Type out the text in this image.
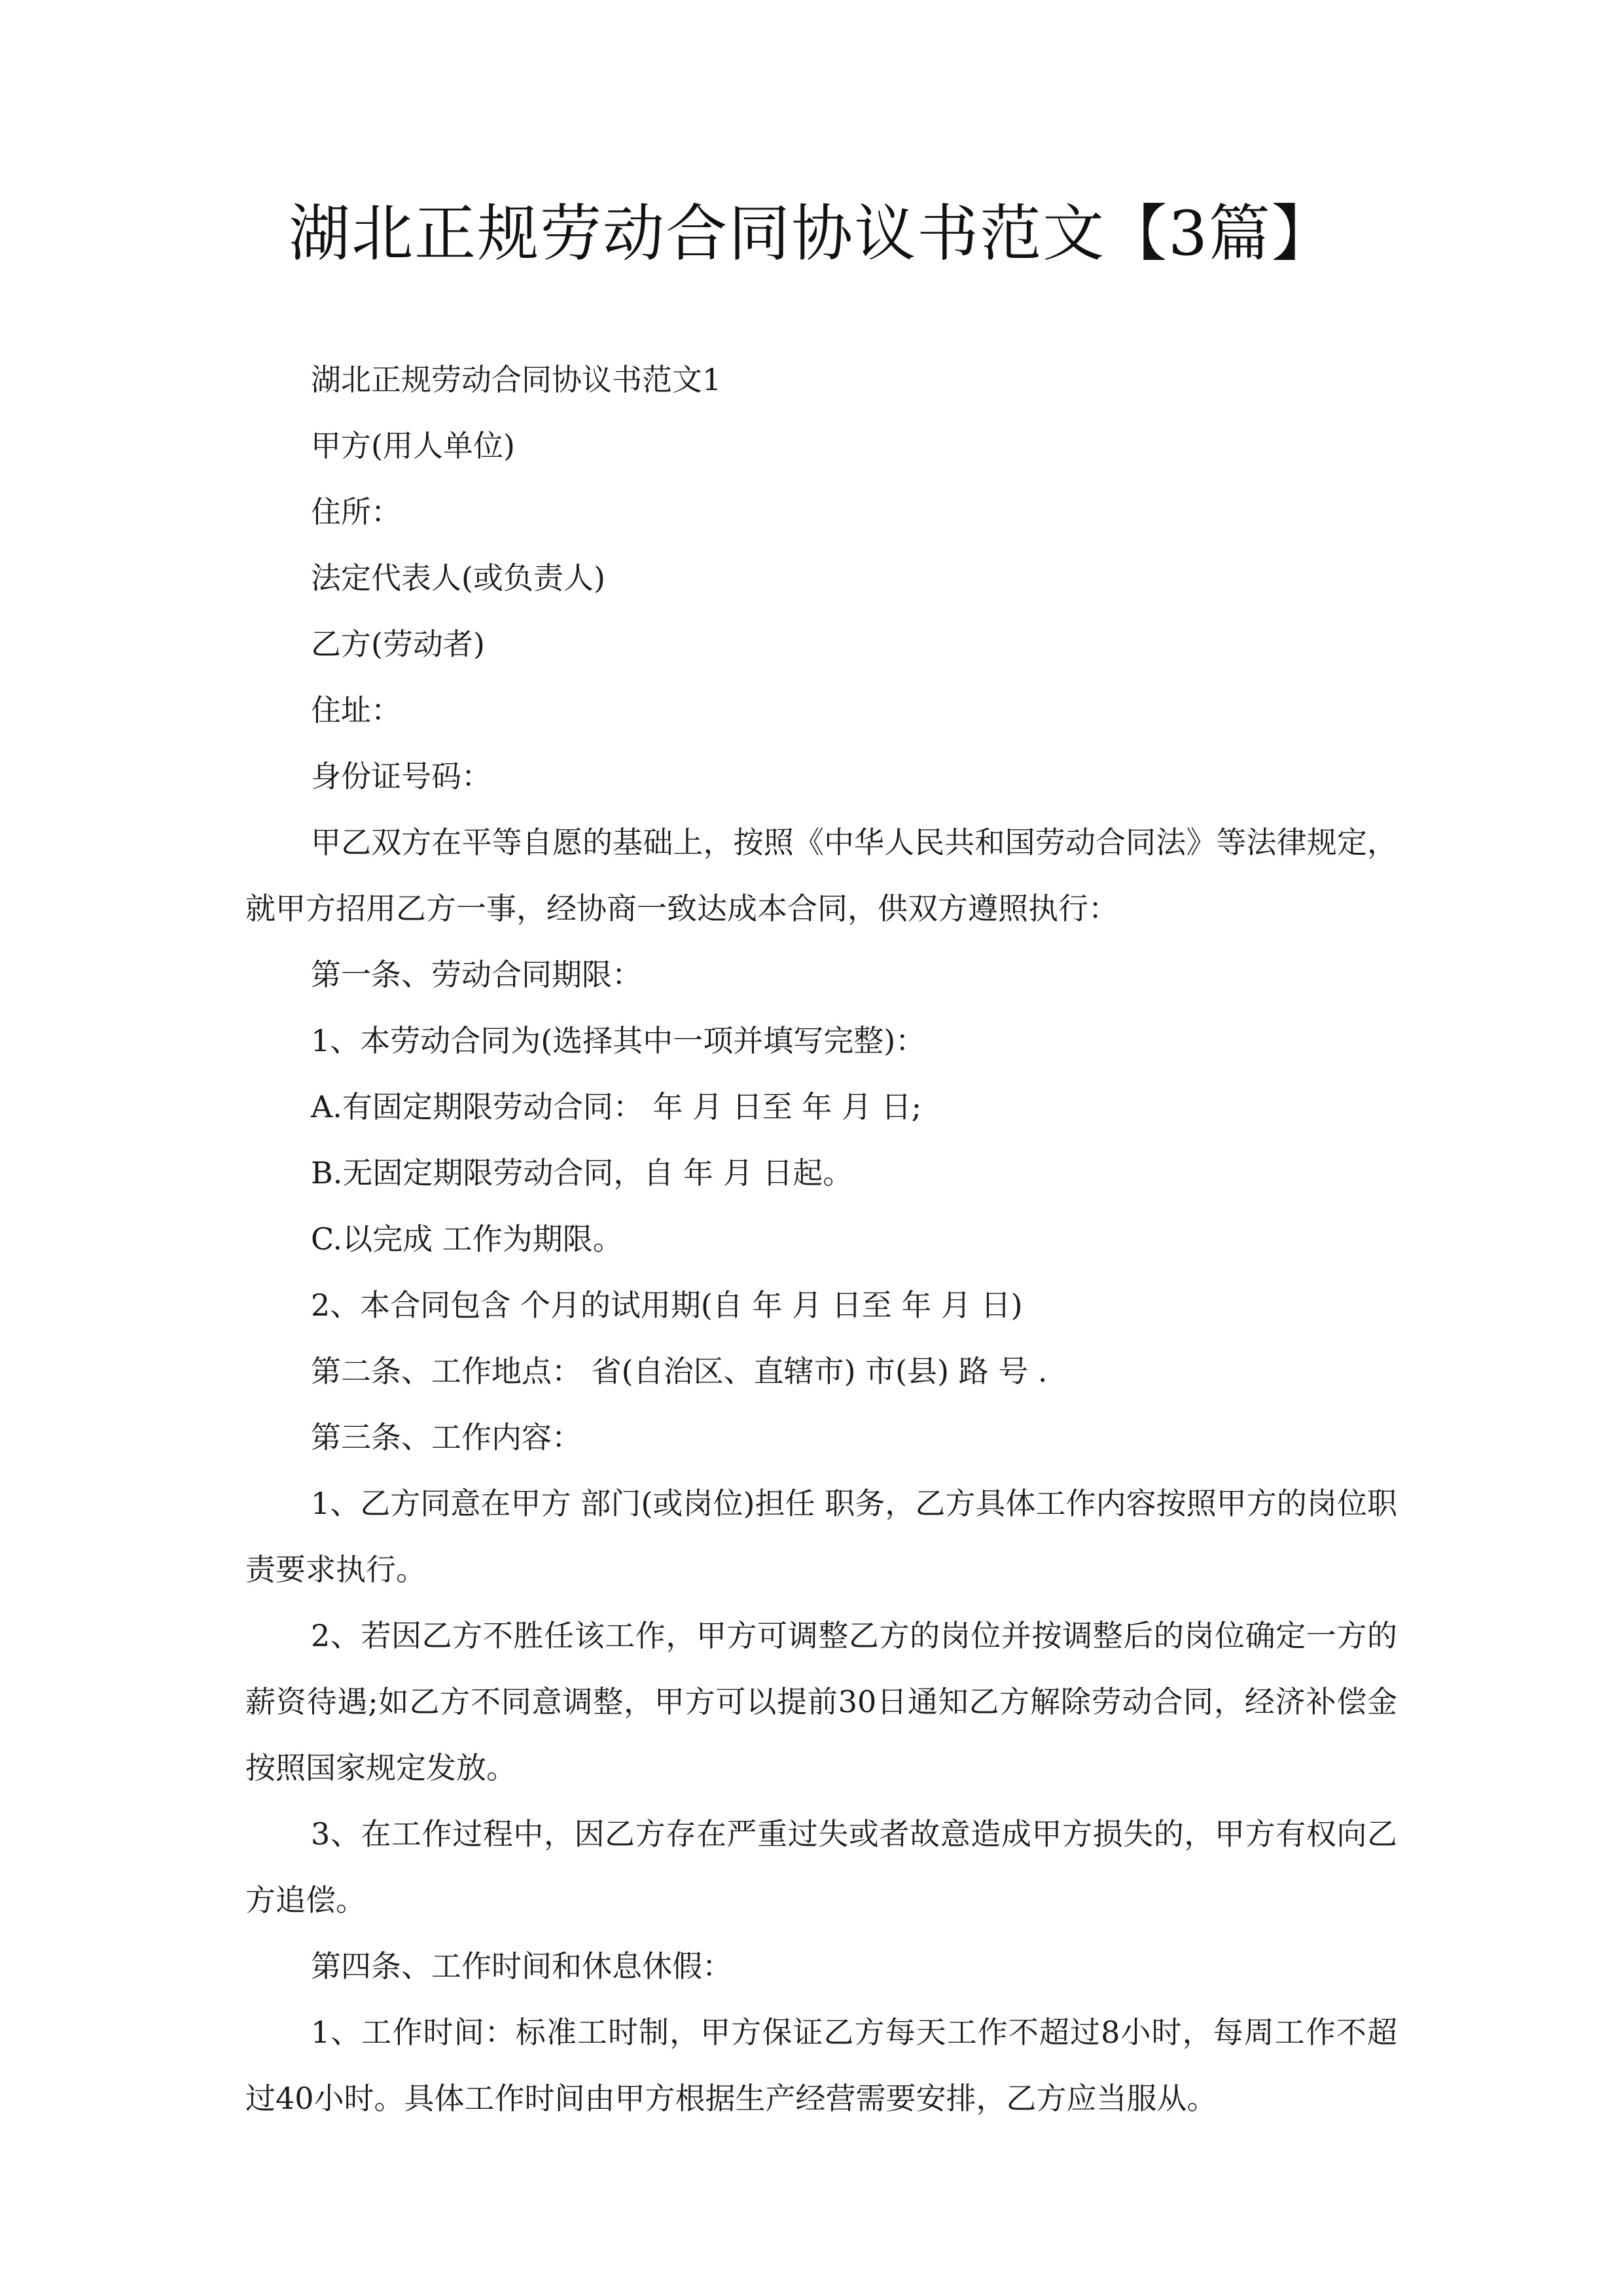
湖北正规劳动合同协议书范文【3篇】

湖北正规劳动合同协议书范文1

甲方(用人单位)

住所：

法定代表人(或负责人)

乙方(劳动者)

住址：

身份证号码：

甲乙双方在平等自愿的基础上，按照《中华人民共和国劳动合同法》等法律规定，就甲方招用乙方一事，经协商一致达成本合同，供双方遵照执行：

第一条、劳动合同期限：

1、本劳动合同为(选择其中一项并填写完整)：

A.有固定期限劳动合同： 年 月 日至 年 月 日;

B.无固定期限劳动合同，自 年 月 日起。

C.以完成 工作为期限。

2、本合同包含 个月的试用期(自 年 月 日至 年 月 日)

第二条、工作地点： 省(自治区、直辖市) 市(县) 路 号 .

第三条、工作内容：

1、乙方同意在甲方 部门(或岗位)担任 职务，乙方具体工作内容按照甲方的岗位职责要求执行。

2、若因乙方不胜任该工作，甲方可调整乙方的岗位并按调整后的岗位确定一方的薪资待遇;如乙方不同意调整，甲方可以提前30日通知乙方解除劳动合同，经济补偿金按照国家规定发放。

3、在工作过程中，因乙方存在严重过失或者故意造成甲方损失的，甲方有权向乙方追偿。

第四条、工作时间和休息休假：

1、工作时间：标准工时制，甲方保证乙方每天工作不超过8小时，每周工作不超过40小时。具体工作时间由甲方根据生产经营需要安排，乙方应当服从。
